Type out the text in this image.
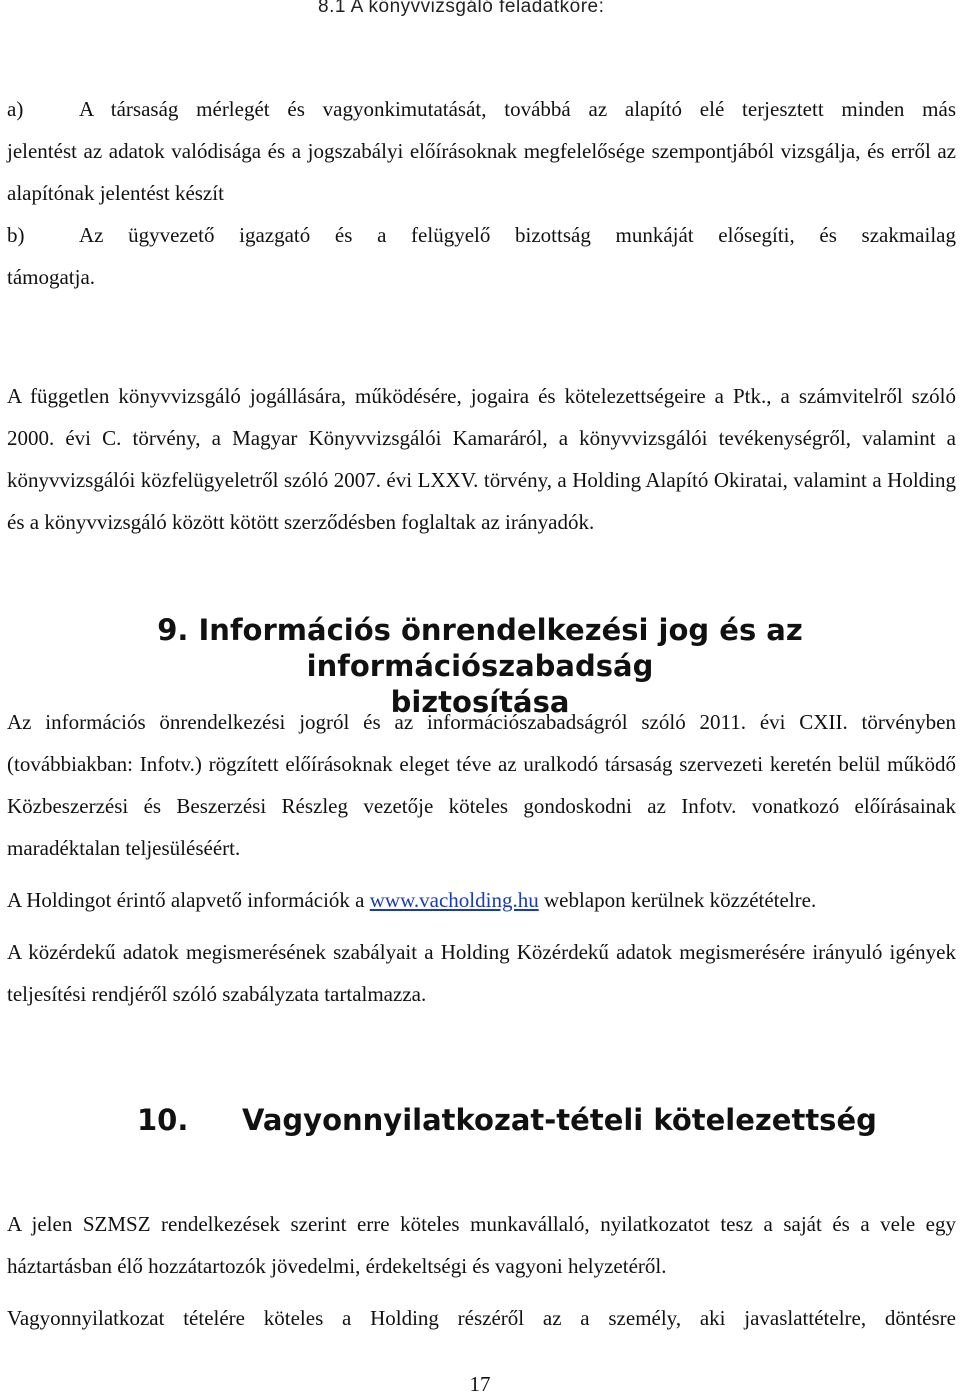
8.1 A könyvvizsgáló feladatköre:

a)	A társaság mérlegét és vagyonkimutatását, továbbá az alapító elé terjesztett minden más

jelentést az adatok valódisága és a jogszabályi előírásoknak megfelelősége szempontjából vizsgálja, és erről az alapítónak jelentést készít

b)	Az ügyvezető igazgató és a felügyelő bizottság munkáját elősegíti, és szakmailag

támogatja.

A független könyvvizsgáló jogállására, működésére, jogaira és kötelezettségeire a Ptk., a számvitelről szóló 2000. évi C. törvény, a Magyar Könyvvizsgálói Kamaráról, a könyvvizsgálói tevékenységről, valamint a könyvvizsgálói közfelügyeletről szóló 2007. évi LXXV. törvény, a Holding Alapító Okiratai, valamint a Holding és a könyvvizsgáló között kötött szerződésben foglaltak az irányadók.

9. Információs önrendelkezési jog és az információszabadság
biztosítása

Az információs önrendelkezési jogról és az információszabadságról szóló 2011. évi CXII. törvényben (továbbiakban: Infotv.) rögzített előírásoknak eleget téve az uralkodó társaság szervezeti keretén belül működő Közbeszerzési és Beszerzési Részleg vezetője köteles gondoskodni az Infotv. vonatkozó előírásainak maradéktalan teljesüléséért.

A Holdingot érintő alapvető információk a www.vacholding.hu weblapon kerülnek közzétételre.

A közérdekű adatok megismerésének szabályait a Holding Közérdekű adatok megismerésére irányuló igények teljesítési rendjéről szóló szabályzata tartalmazza.

10. Vagyonnyilatkozat-tételi kötelezettség

A jelen SZMSZ rendelkezések szerint erre köteles munkavállaló, nyilatkozatot tesz a saját és a vele egy háztartásban élő hozzátartozók jövedelmi, érdekeltségi és vagyoni helyzetéről.

Vagyonnyilatkozat tételére köteles a Holding részéről az a személy, aki javaslattételre, döntésre

17
